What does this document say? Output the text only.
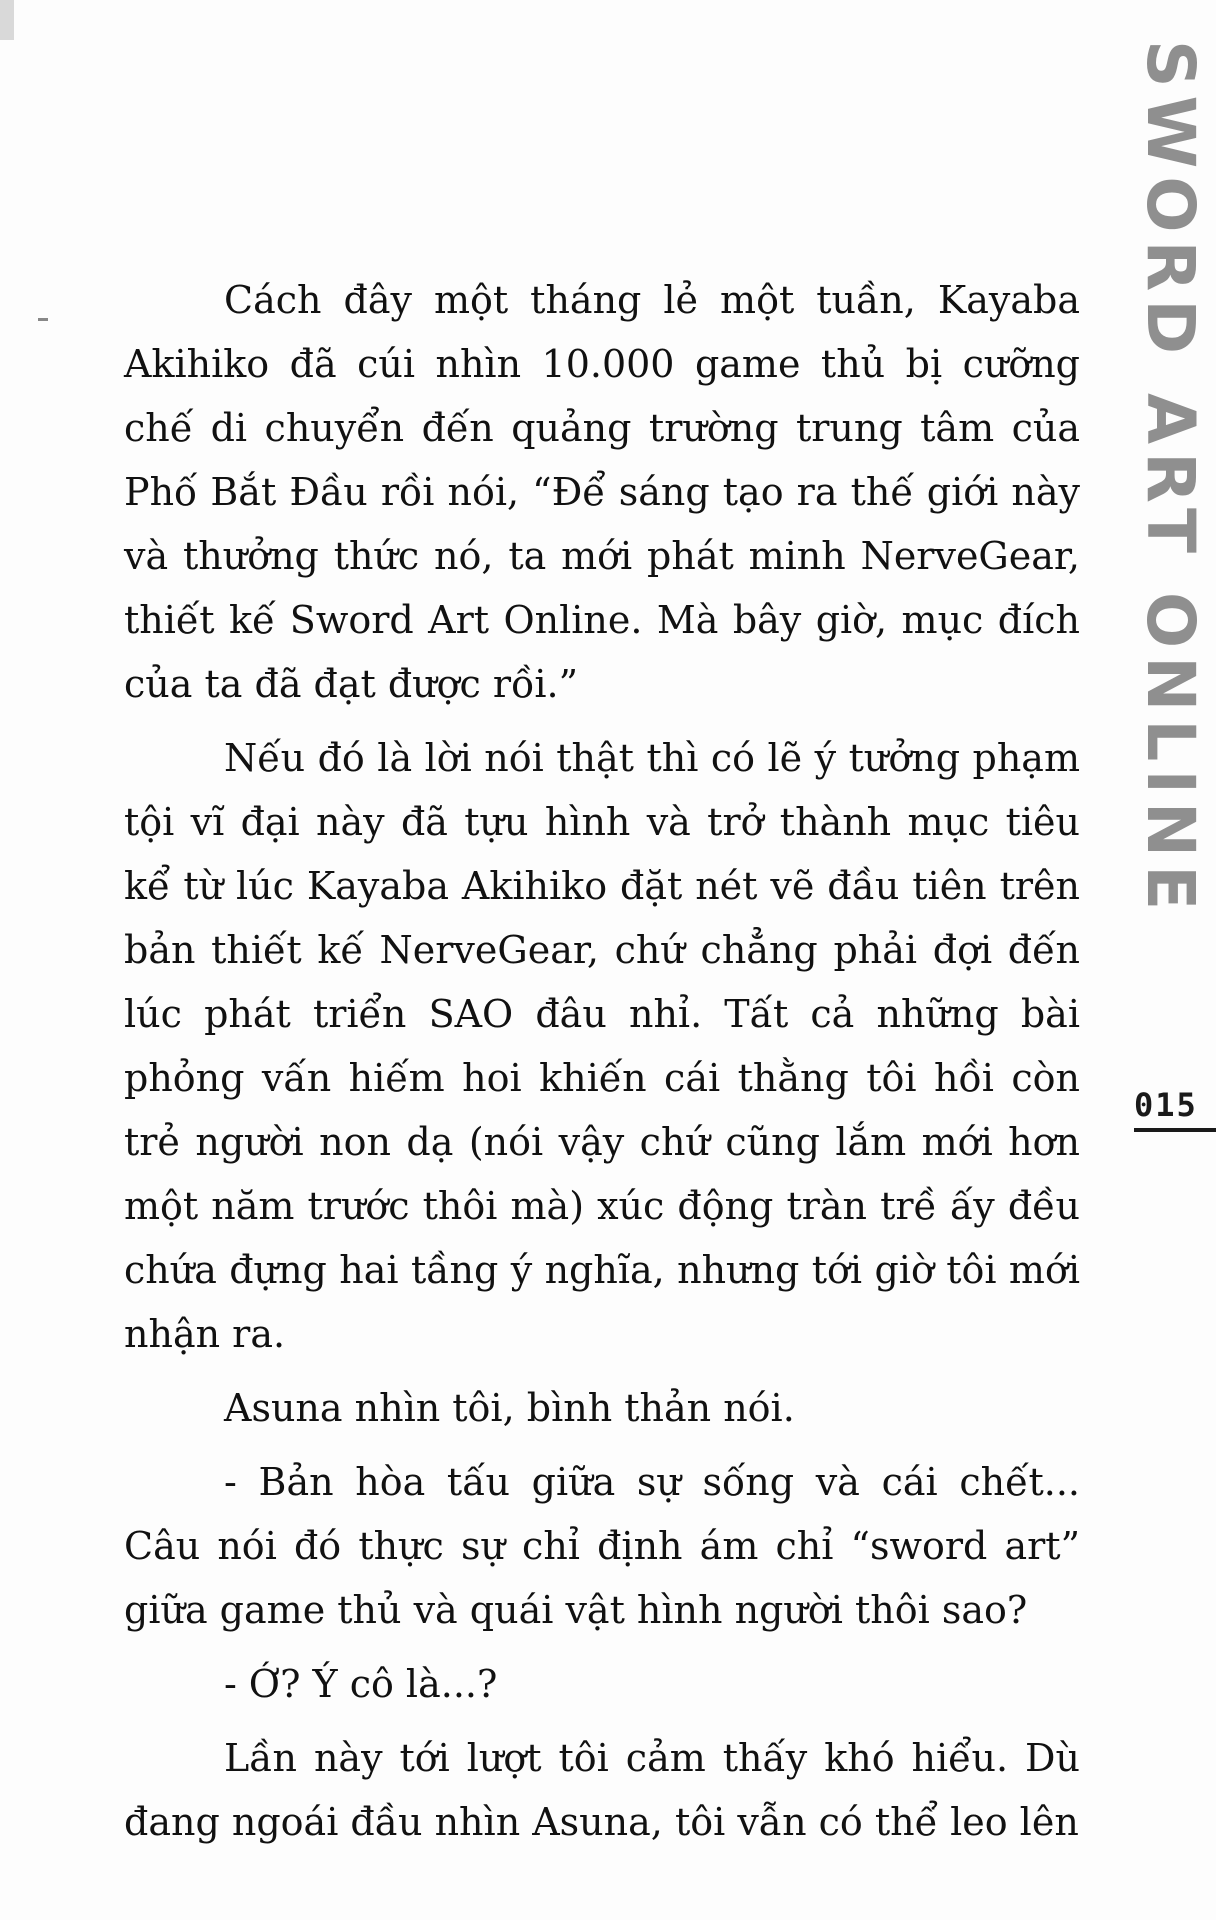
SWORD ART ONLINE
015

Cách đây một tháng lẻ một tuần, Kayaba Akihiko đã cúi nhìn 10.000 game thủ bị cưỡng chế di chuyển đến quảng trường trung tâm của Phố Bắt Đầu rồi nói, “Để sáng tạo ra thế giới này và thưởng thức nó, ta mới phát minh NerveGear, thiết kế Sword Art Online. Mà bây giờ, mục đích của ta đã đạt được rồi.”

Nếu đó là lời nói thật thì có lẽ ý tưởng phạm tội vĩ đại này đã tựu hình và trở thành mục tiêu kể từ lúc Kayaba Akihiko đặt nét vẽ đầu tiên trên bản thiết kế NerveGear, chứ chẳng phải đợi đến lúc phát triển SAO đâu nhỉ. Tất cả những bài phỏng vấn hiếm hoi khiến cái thằng tôi hồi còn trẻ người non dạ (nói vậy chứ cũng lắm mới hơn một năm trước thôi mà) xúc động tràn trề ấy đều chứa đựng hai tầng ý nghĩa, nhưng tới giờ tôi mới nhận ra.

Asuna nhìn tôi, bình thản nói.

- Bản hòa tấu giữa sự sống và cái chết... Câu nói đó thực sự chỉ định ám chỉ “sword art” giữa game thủ và quái vật hình người thôi sao?

- Ớ? Ý cô là...?

Lần này tới lượt tôi cảm thấy khó hiểu. Dù đang ngoái đầu nhìn Asuna, tôi vẫn có thể leo lên
